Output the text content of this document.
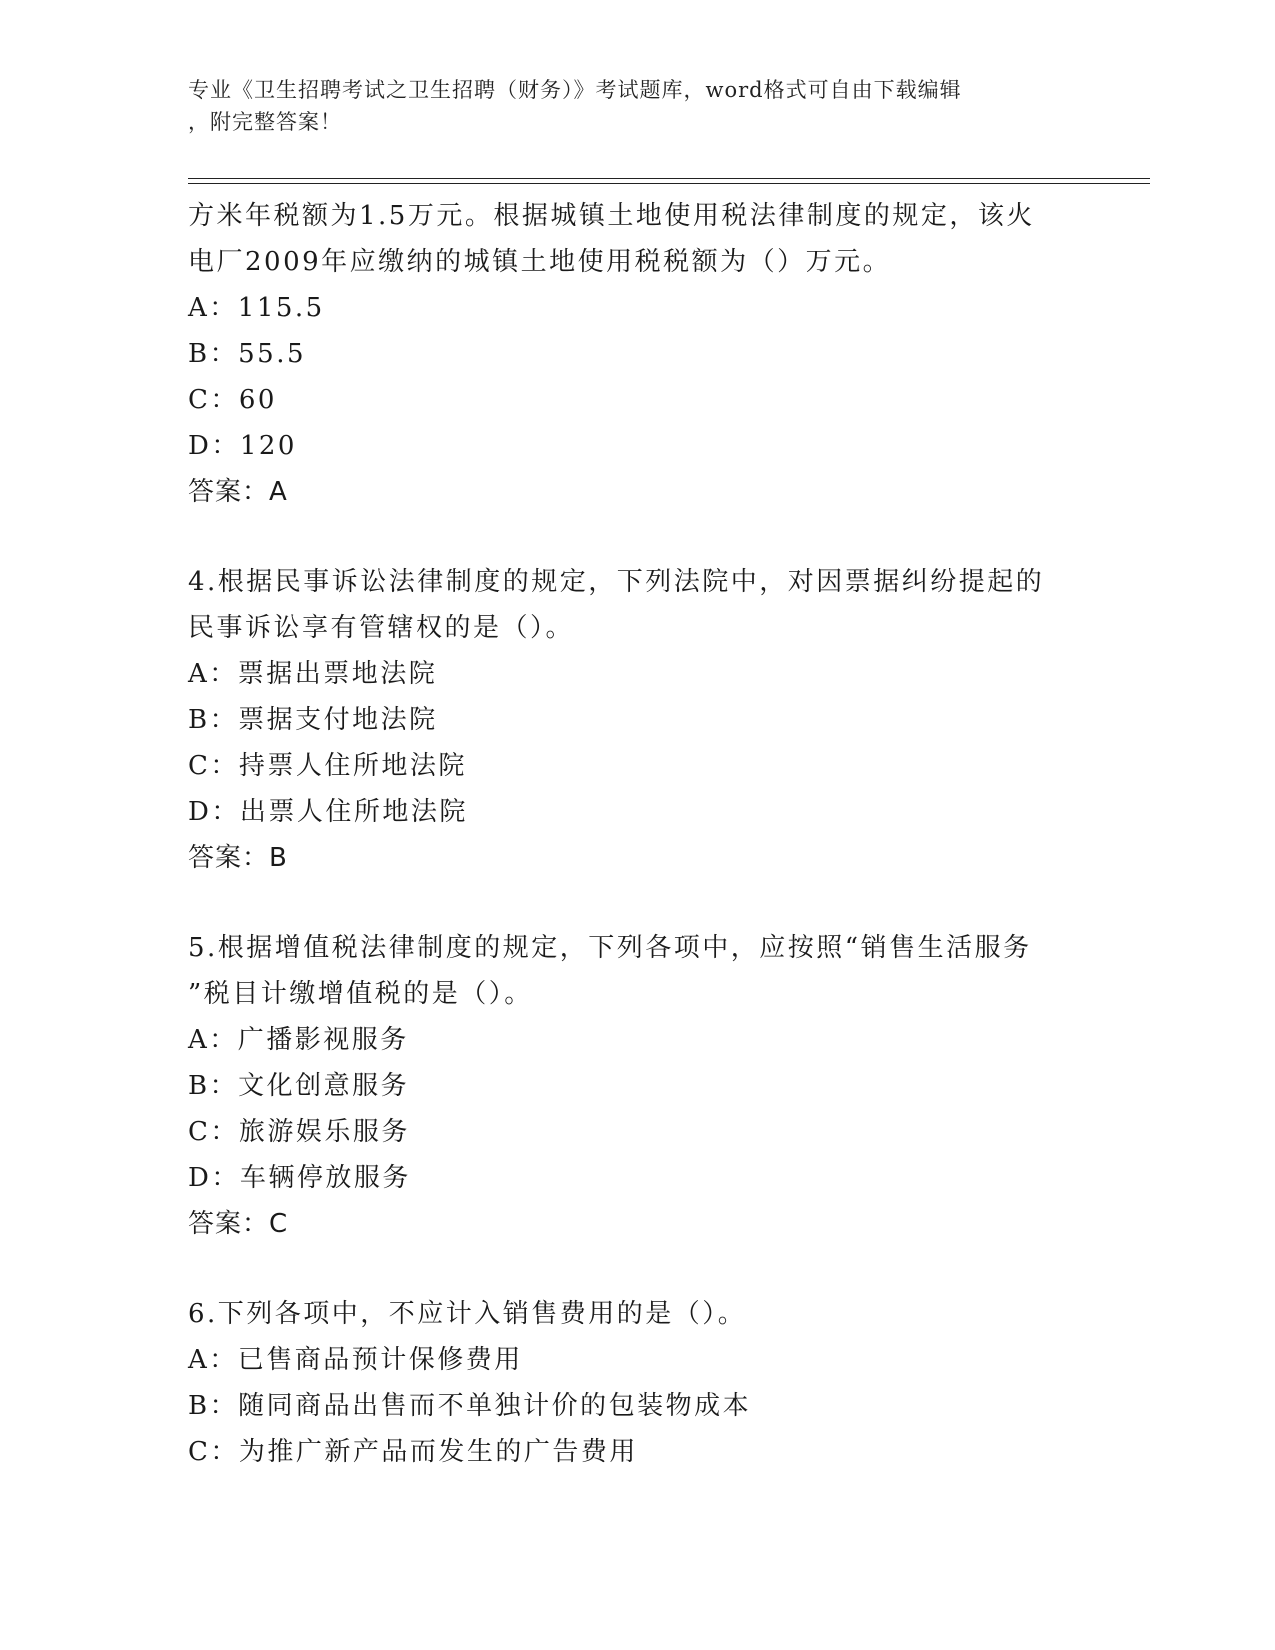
专业《卫生招聘考试之卫生招聘（财务）》考试题库，word格式可自由下载编辑
，附完整答案！

方米年税额为1.5万元。根据城镇土地使用税法律制度的规定，该火

电厂2009年应缴纳的城镇土地使用税税额为（）万元。

A：115.5

B：55.5

C：60

D：120

答案：A

4.根据民事诉讼法律制度的规定，下列法院中，对因票据纠纷提起的

民事诉讼享有管辖权的是（）。

A：票据出票地法院

B：票据支付地法院

C：持票人住所地法院

D：出票人住所地法院

答案：B

5.根据增值税法律制度的规定，下列各项中，应按照“销售生活服务

”税目计缴增值税的是（）。

A：广播影视服务

B：文化创意服务

C：旅游娱乐服务

D：车辆停放服务

答案：C

6.下列各项中，不应计入销售费用的是（）。

A：已售商品预计保修费用

B：随同商品出售而不单独计价的包装物成本

C：为推广新产品而发生的广告费用
